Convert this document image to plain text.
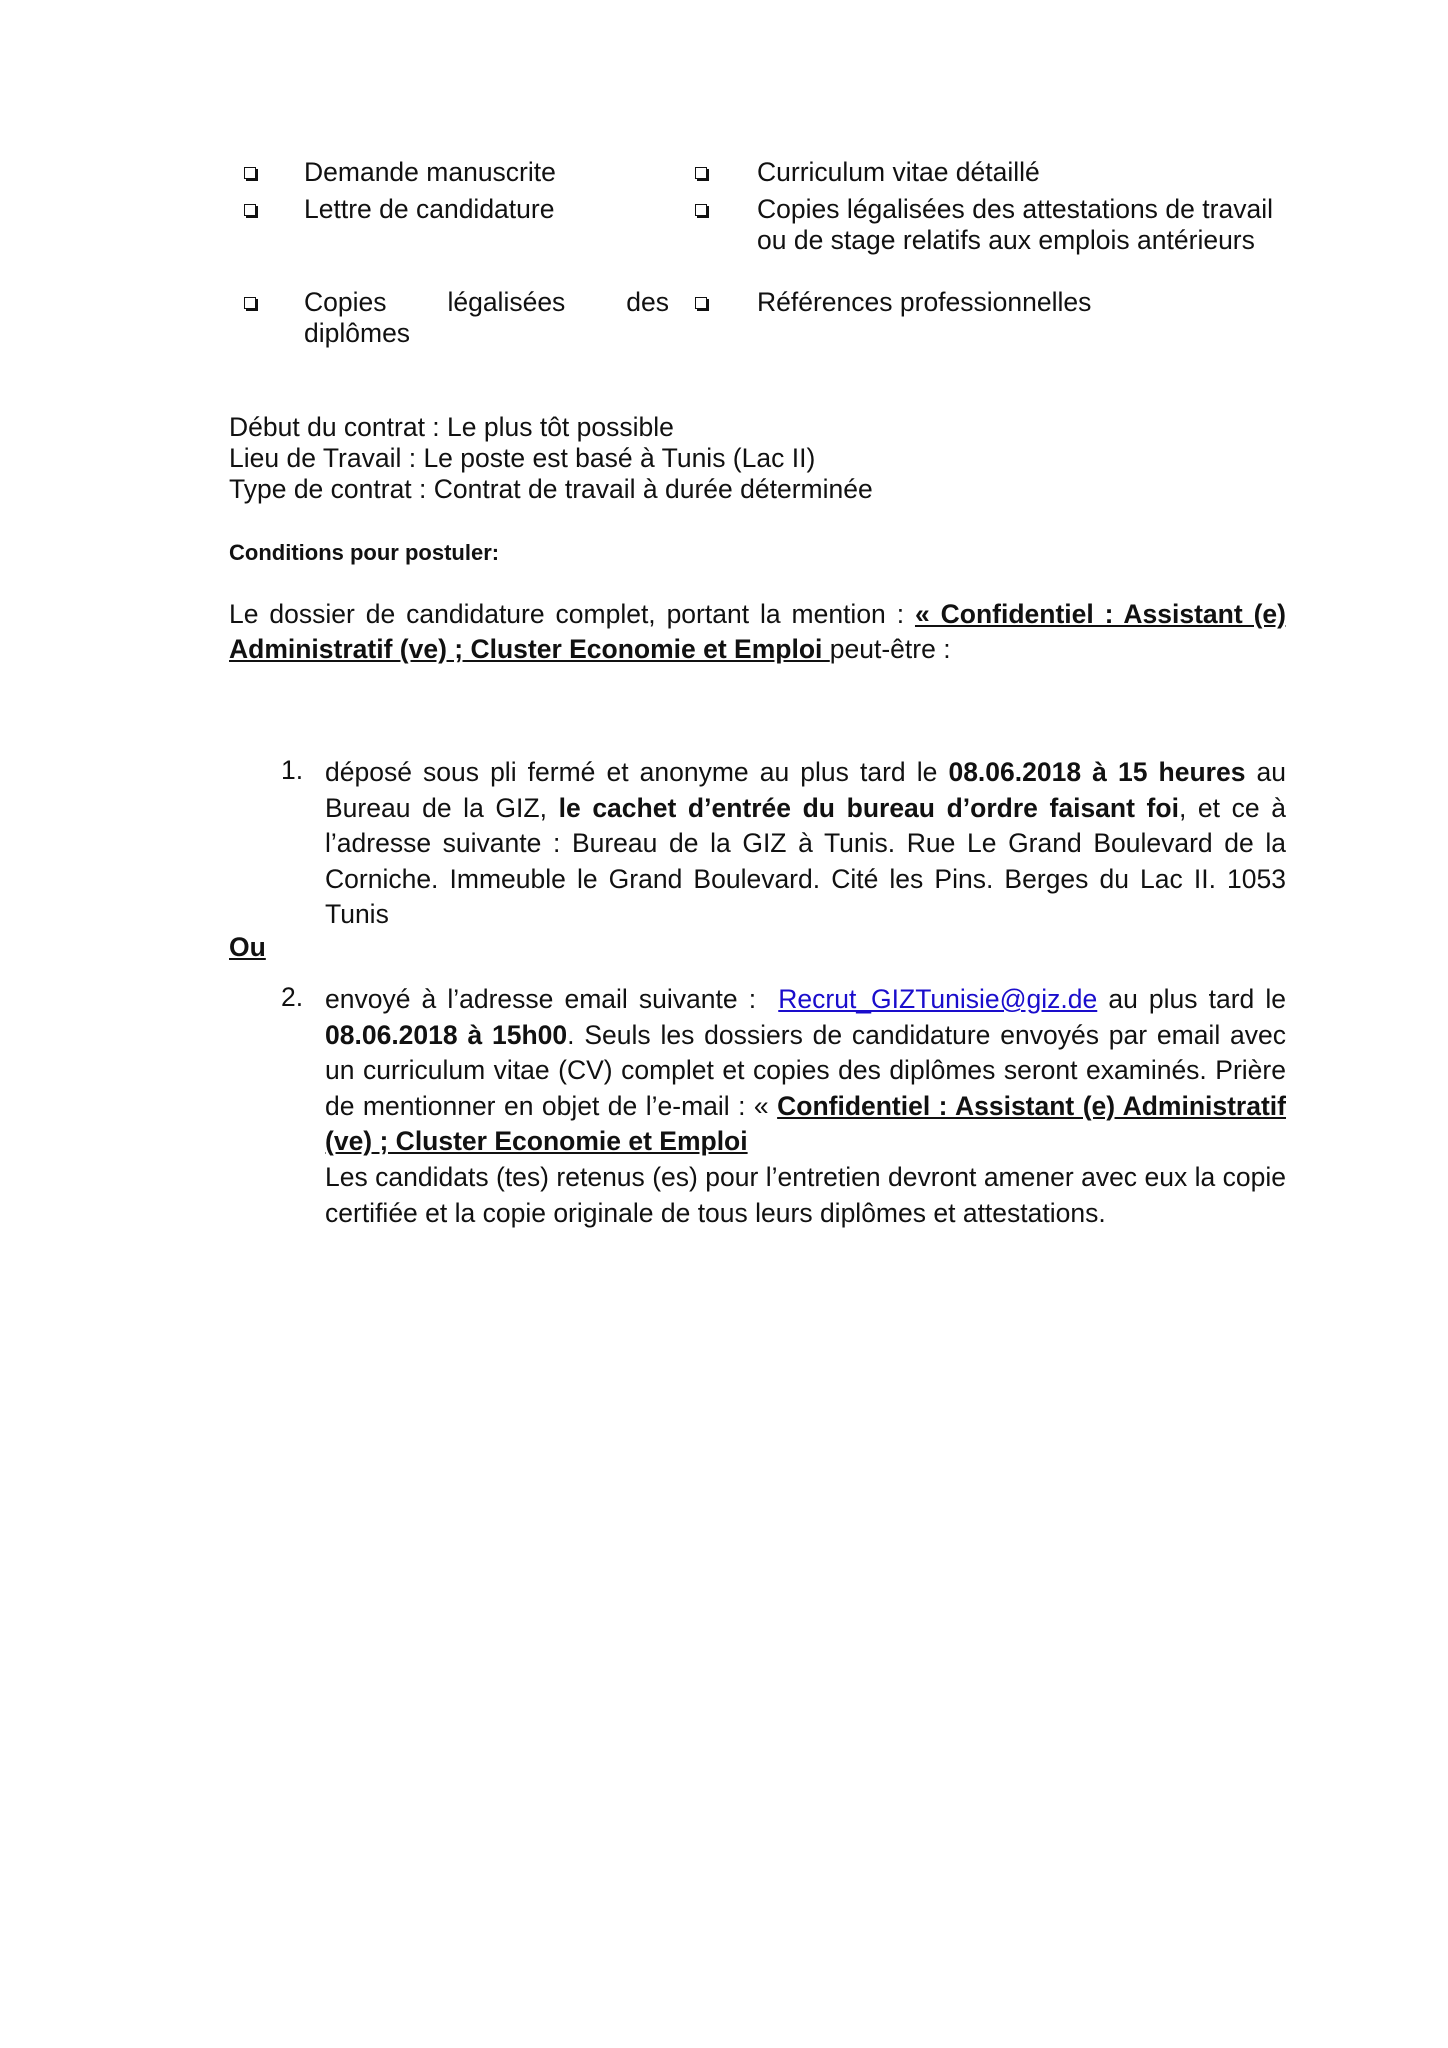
Demande manuscrite	Curriculum vitae détaillé
Lettre de candidature	Copies légalisées des attestations de travail ou de stage relatifs aux emplois antérieurs
Copies légalisées des diplômes
Références professionnelles
Début du contrat : Le plus tôt possible
Lieu de Travail : Le poste est basé à Tunis (Lac II)
Type de contrat : Contrat de travail à durée déterminée
Conditions pour postuler:
Le dossier de candidature complet, portant la mention : « Confidentiel : Assistant (e) Administratif (ve) ; Cluster Economie et Emploi peut-être :
1. déposé sous pli fermé et anonyme au plus tard le 08.06.2018 à 15 heures au Bureau de la GIZ, le cachet d’entrée du bureau d’ordre faisant foi, et ce à l’adresse suivante : Bureau de la GIZ à Tunis. Rue Le Grand Boulevard de la Corniche. Immeuble le Grand Boulevard. Cité les Pins. Berges du Lac II. 1053 Tunis
Ou
2. envoyé à l’adresse email suivante :  Recrut_GIZTunisie@giz.de au plus tard le 08.06.2018 à 15h00. Seuls les dossiers de candidature envoyés par email avec un curriculum vitae (CV) complet et copies des diplômes seront examinés. Prière de mentionner en objet de l’e-mail : « Confidentiel : Assistant (e) Administratif (ve) ; Cluster Economie et Emploi
Les candidats (tes) retenus (es) pour l’entretien devront amener avec eux la copie certifiée et la copie originale de tous leurs diplômes et attestations.
